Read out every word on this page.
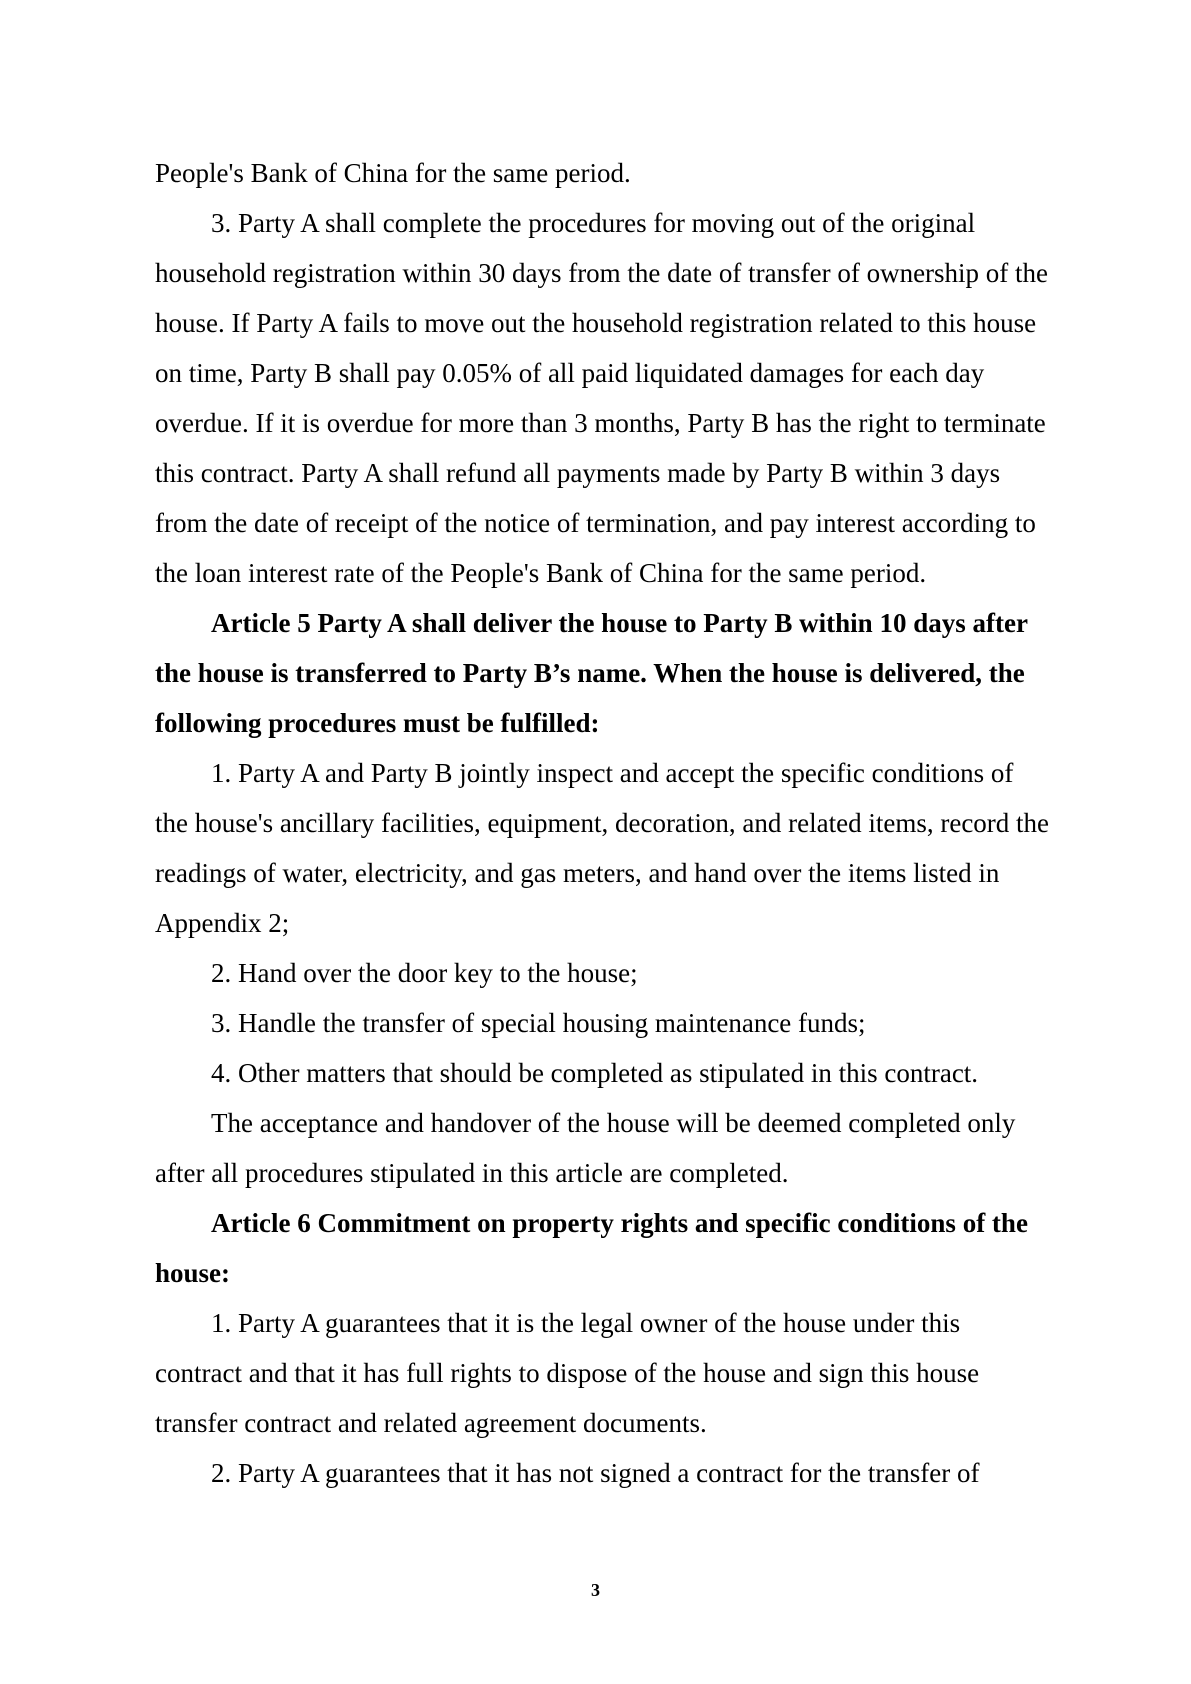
People's Bank of China for the same period.

3. Party A shall complete the procedures for moving out of the original household registration within 30 days from the date of transfer of ownership of the house. If Party A fails to move out the household registration related to this house on time, Party B shall pay 0.05% of all paid liquidated damages for each day overdue. If it is overdue for more than 3 months, Party B has the right to terminate this contract. Party A shall refund all payments made by Party B within 3 days from the date of receipt of the notice of termination, and pay interest according to the loan interest rate of the People's Bank of China for the same period.

Article 5 Party A shall deliver the house to Party B within 10 days after the house is transferred to Party B’s name. When the house is delivered, the following procedures must be fulfilled:

1. Party A and Party B jointly inspect and accept the specific conditions of the house's ancillary facilities, equipment, decoration, and related items, record the readings of water, electricity, and gas meters, and hand over the items listed in Appendix 2;

2. Hand over the door key to the house;

3. Handle the transfer of special housing maintenance funds;

4. Other matters that should be completed as stipulated in this contract.

The acceptance and handover of the house will be deemed completed only after all procedures stipulated in this article are completed.

Article 6 Commitment on property rights and specific conditions of the house:

1. Party A guarantees that it is the legal owner of the house under this contract and that it has full rights to dispose of the house and sign this house transfer contract and related agreement documents.

2. Party A guarantees that it has not signed a contract for the transfer of

3
